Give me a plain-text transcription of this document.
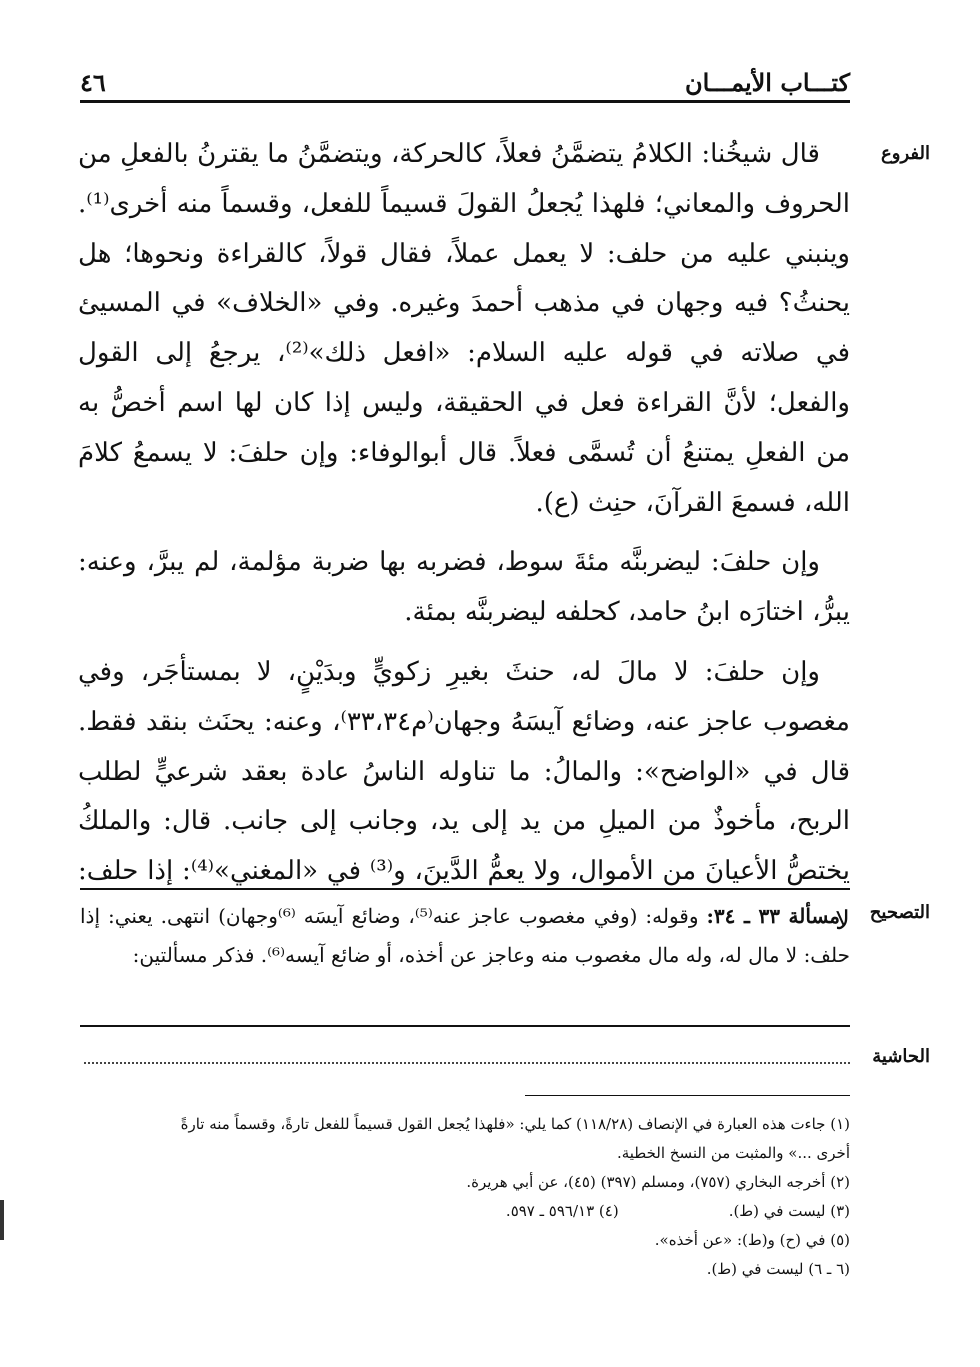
كتـــاب الأيمـــان
٤٦
الفروع
التصحيح
الحاشية

قال شيخُنا: الكلامُ يتضمَّنُ فعلاً، كالحركة، ويتضمَّنُ ما يقترنُ بالفعلِ من الحروف والمعاني؛ فلهذا يُجعلُ القولَ قسيماً للفعل، وقسماً منه أخرى⁽¹⁾. وينبني عليه من حلف: لا يعمل عملاً، فقال قولاً، كالقراءة ونحوها؛ هل يحنثُ؟ فيه وجهان في مذهب أحمدَ وغيره. وفي «الخلاف» في المسيئ في صلاته في قوله عليه السلام: «افعل ذلك»⁽²⁾، يرجعُ إلى القول والفعل؛ لأنَّ القراءة فعل في الحقيقة، وليس إذا كان لها اسم أخصُّ به من الفعلِ يمتنعُ أن تُسمَّى فعلاً. قال أبوالوفاء: وإن حلفَ: لا يسمعُ كلامَ الله، فسمعَ القرآنَ، حنِث (ع).

وإن حلفَ: ليضربنَّه مئةَ سوط، فضربه بها ضربة مؤلمة، لم يبرَّ، وعنه: يبرُّ، اختارَه ابنُ حامد، كحلفه ليضربنَّه بمئة.

وإن حلفَ: لا مالَ له، حنثَ بغيرِ زكويٍّ وبدَيْنٍ، لا بمستأجَر، وفي مغصوب عاجز عنه، وضائع آيسَهُ وجهان⁽م٣٣،٣٤⁾، وعنه: يحنَث بنقد فقط. قال في «الواضح»: والمالُ: ما تناوله الناسُ عادة بعقد شرعيٍّ لطلب الربح، مأخوذٌ من الميلِ من يد إلى يد، وجانب إلى جانب. قال: والملكُ يختصُّ الأعيانَ من الأموال، ولا يعمُّ الدَّينَ، و⁽³⁾ في «المغني»⁽⁴⁾: إذا حلف: لا

مسألة ٣٣ ـ ٣٤: وقوله: (وفي مغصوب عاجز عنه⁽⁵⁾، وضائع آيسَه ⁽⁶⁾وجهان) انتهى. يعني: إذا حلف: لا مال له، وله مال مغصوب منه وعاجز عن أخذه، أو ضائع آيسه⁽⁶⁾. فذكر مسألتين:

(١) جاءت هذه العبارة في الإنصاف (١١٨/٢٨) كما يلي: «فلهذا يُجعل القول قسيماً للفعل تارةً، وقسماً منه تارةً
أخرى ...» والمثبت من النسخ الخطية.
(٢) أخرجه البخاري (٧٥٧)، ومسلم (٣٩٧) (٤٥)، عن أبي هريرة.
(٣) ليست في (ط).
(٤) ٥٩٦/١٣ ـ ٥٩٧.
(٥) في (ح) و(ط): «عن أخذه».
(٦ ـ ٦) ليست في (ط).
